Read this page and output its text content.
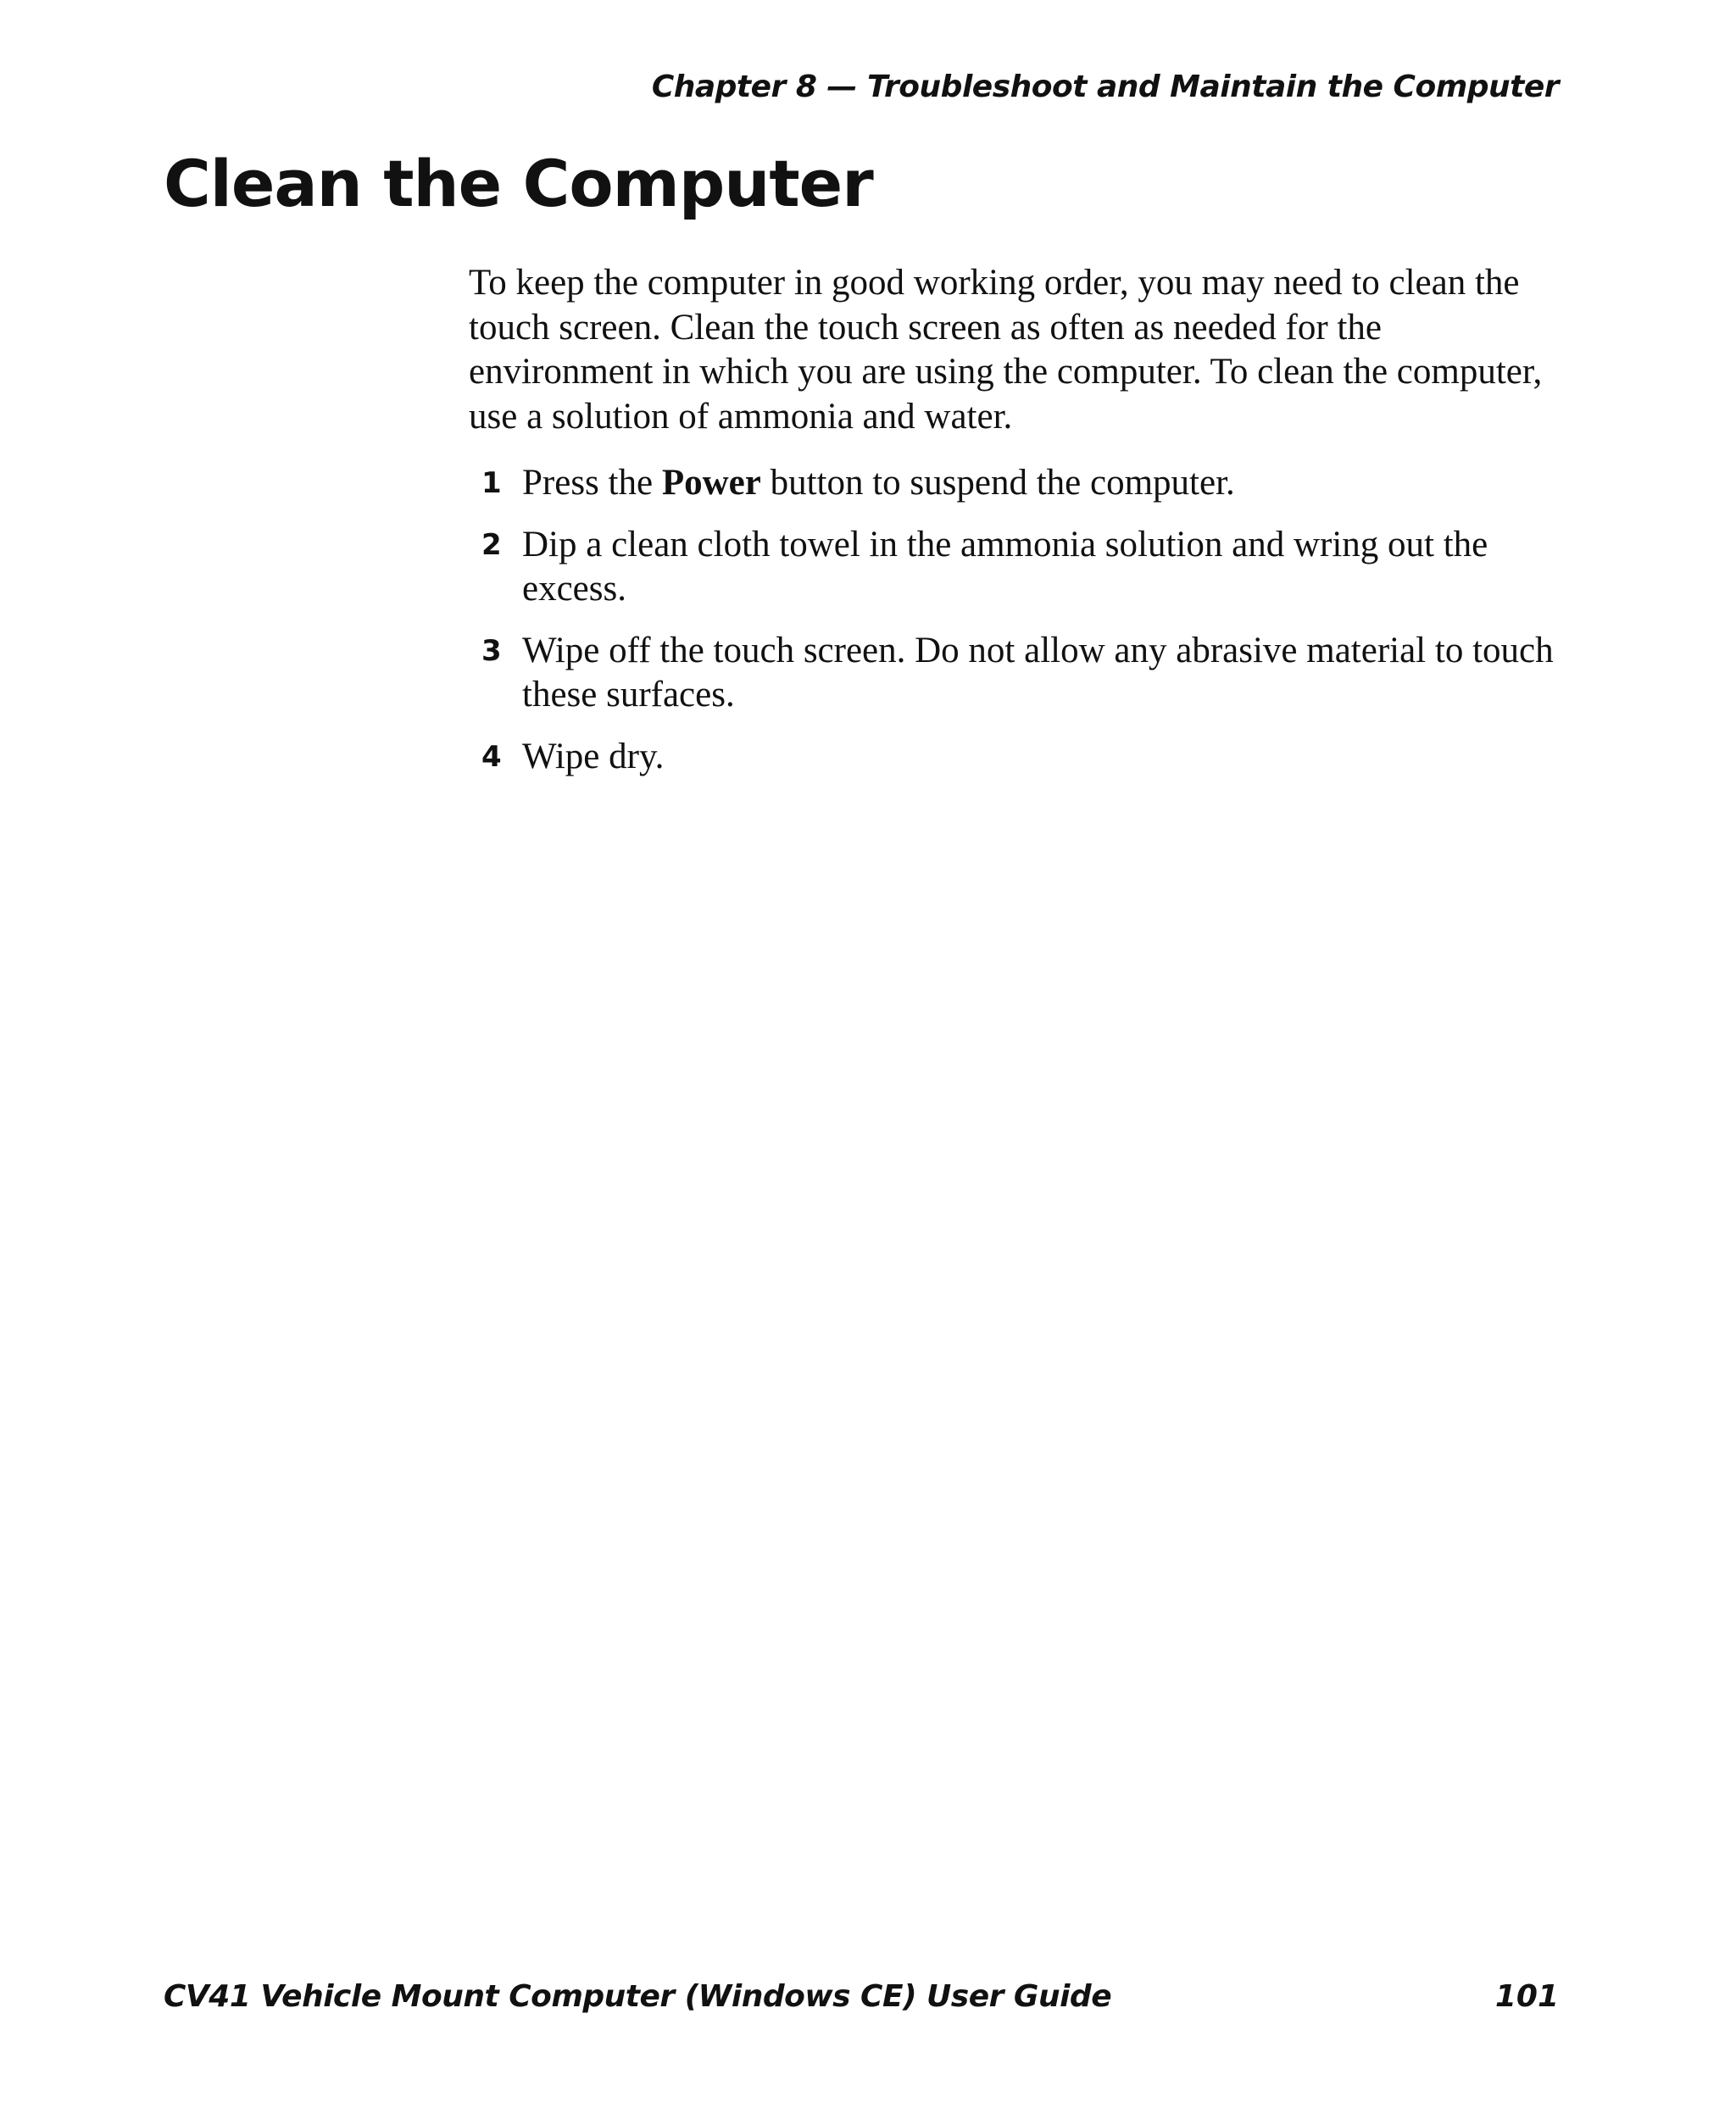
Chapter 8 — Troubleshoot and Maintain the Computer
Clean the Computer

To keep the computer in good working order, you may need to clean the touch screen. Clean the touch screen as often as needed for the environment in which you are using the computer. To clean the computer, use a solution of ammonia and water.

1 Press the Power button to suspend the computer.
2 Dip a clean cloth towel in the ammonia solution and wring out the excess.
3 Wipe off the touch screen. Do not allow any abrasive material to touch these surfaces.
4 Wipe dry.
CV41 Vehicle Mount Computer (Windows CE) User Guide	101
